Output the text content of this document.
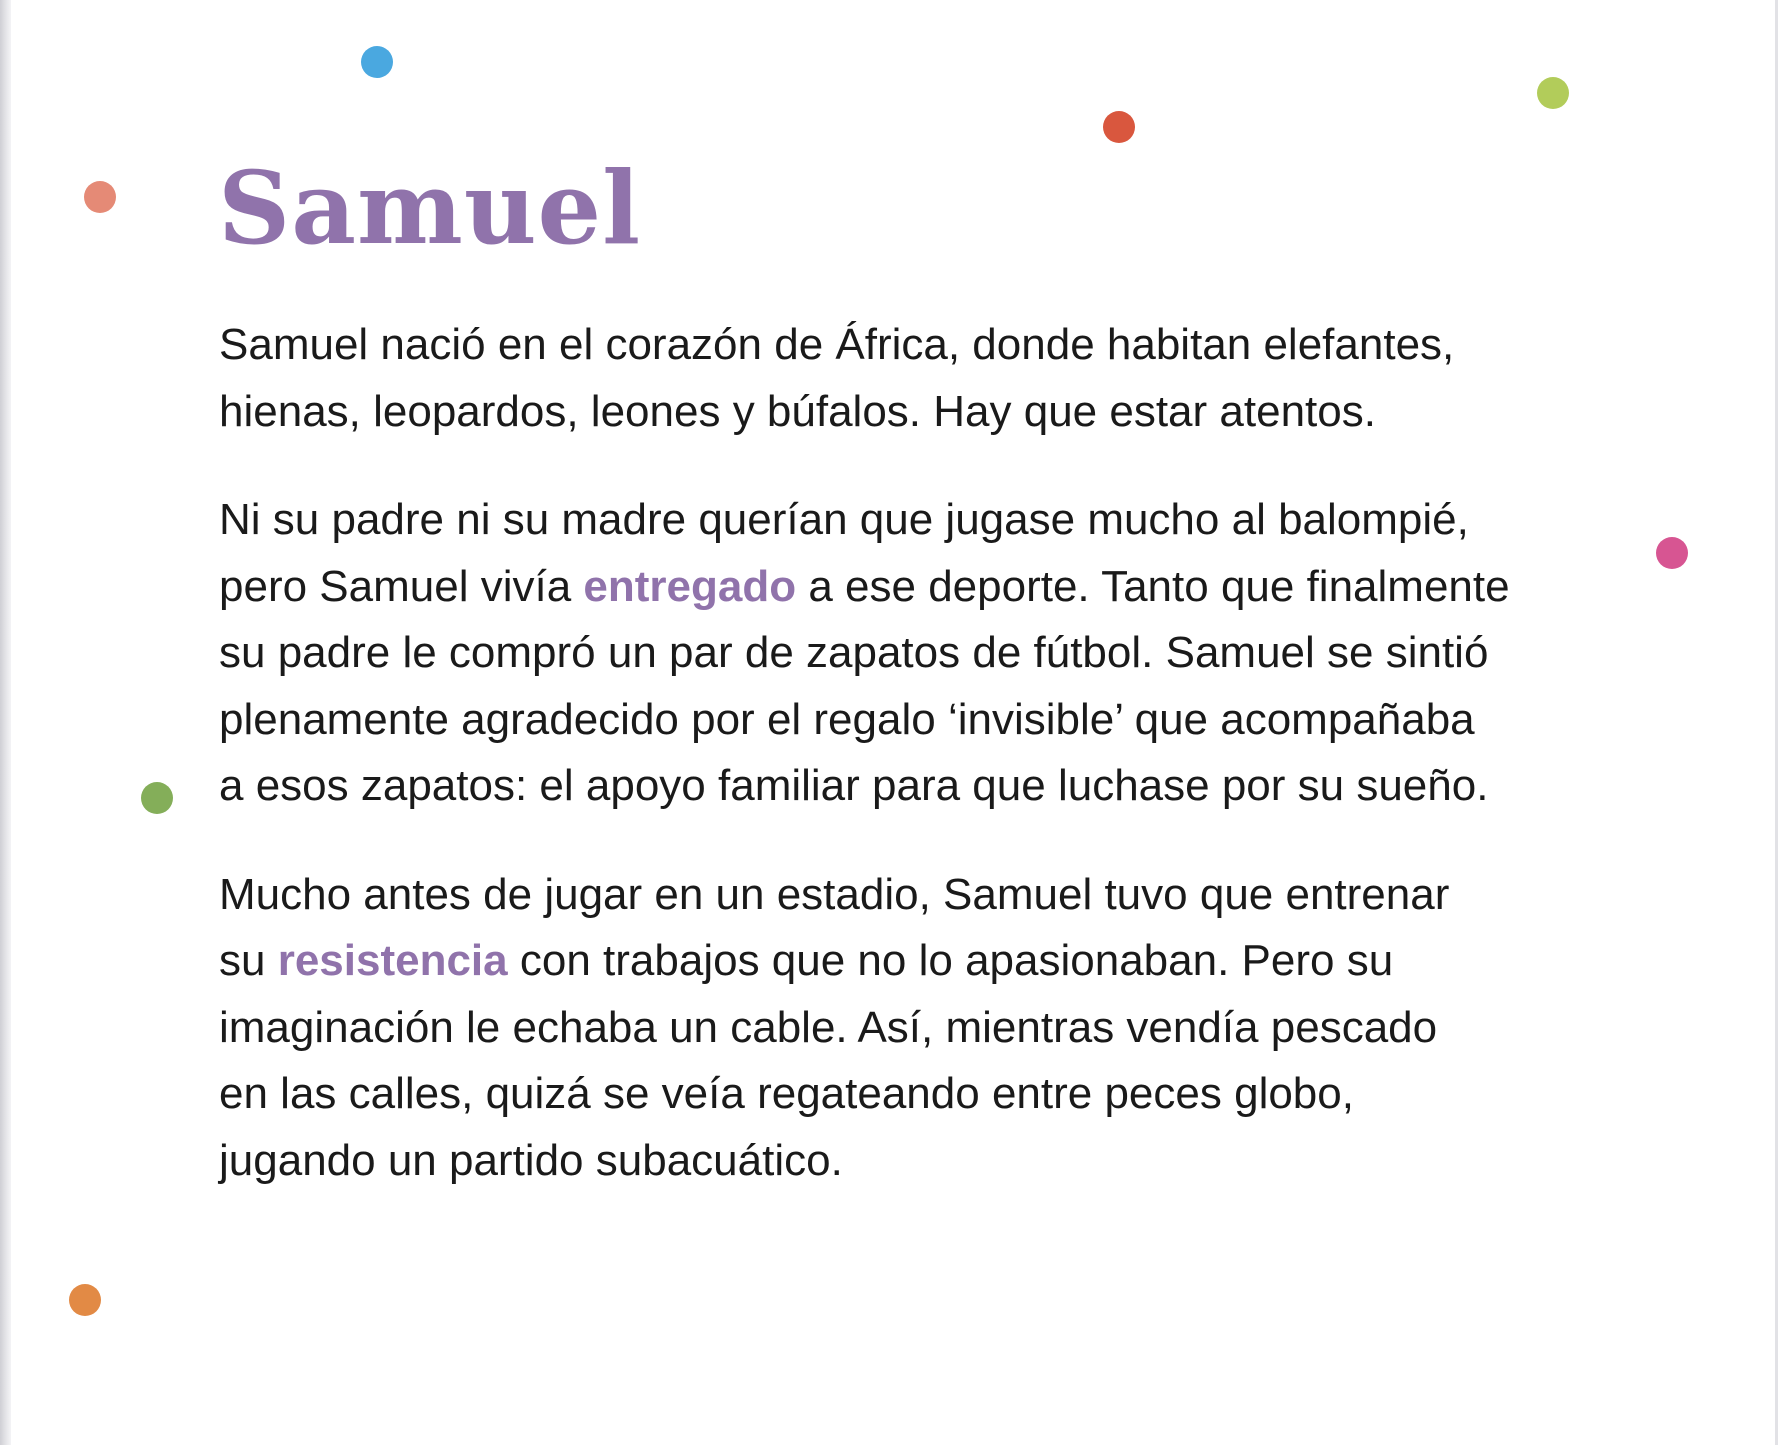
Samuel

Samuel nació en el corazón de África, donde habitan elefantes,
hienas, leopardos, leones y búfalos. Hay que estar atentos.

Ni su padre ni su madre querían que jugase mucho al balompié,
pero Samuel vivía entregado a ese deporte. Tanto que finalmente
su padre le compró un par de zapatos de fútbol. Samuel se sintió
plenamente agradecido por el regalo ‘invisible’ que acompañaba
a esos zapatos: el apoyo familiar para que luchase por su sueño.

Mucho antes de jugar en un estadio, Samuel tuvo que entrenar
su resistencia con trabajos que no lo apasionaban. Pero su
imaginación le echaba un cable. Así, mientras vendía pescado
en las calles, quizá se veía regateando entre peces globo,
jugando un partido subacuático.
